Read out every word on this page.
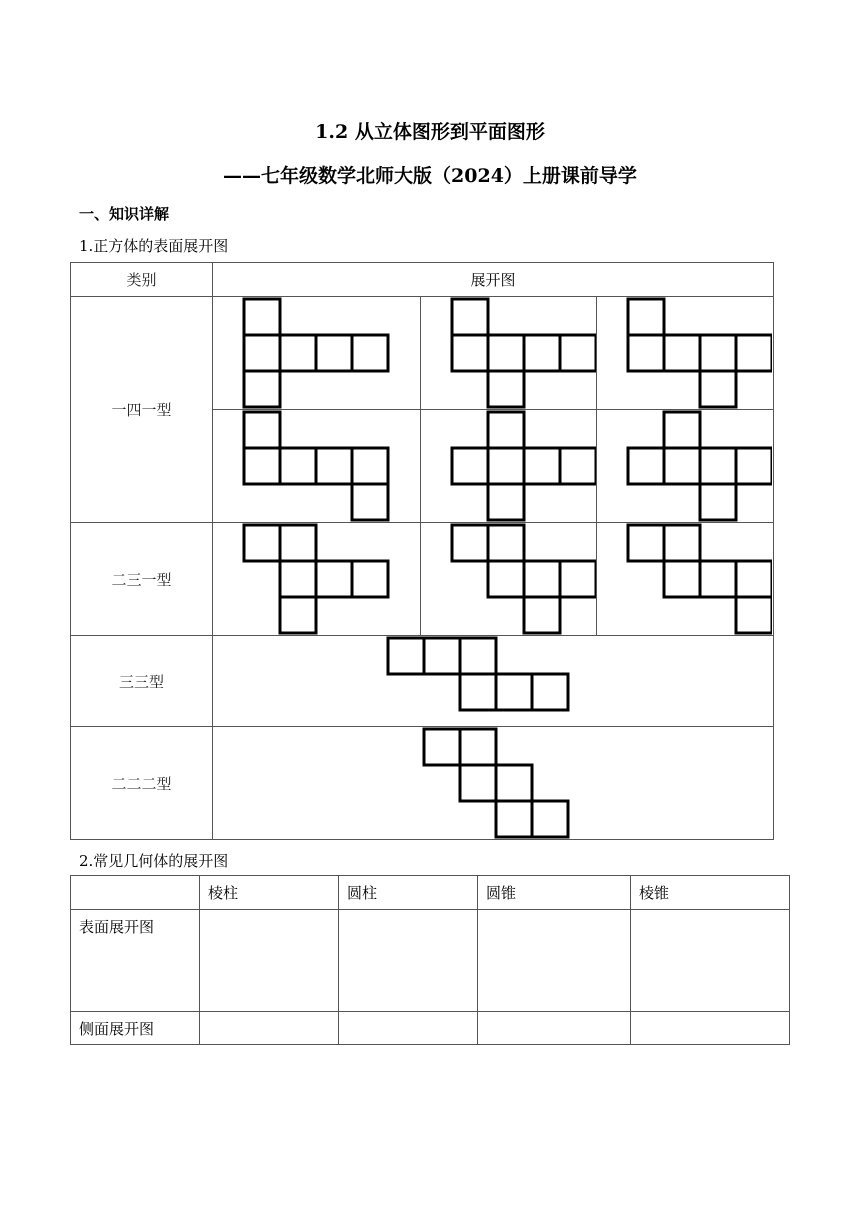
1.2 从立体图形到平面图形
——七年级数学北师大版（2024）上册课前导学
一、知识详解
1.正方体的表面展开图
类别	展开图		
一四一型	

二三一型	

三三型	

二二二型	
2.常见几何体的展开图
	棱柱	圆柱	圆锥	棱锥
表面展开图				
侧面展开图				
